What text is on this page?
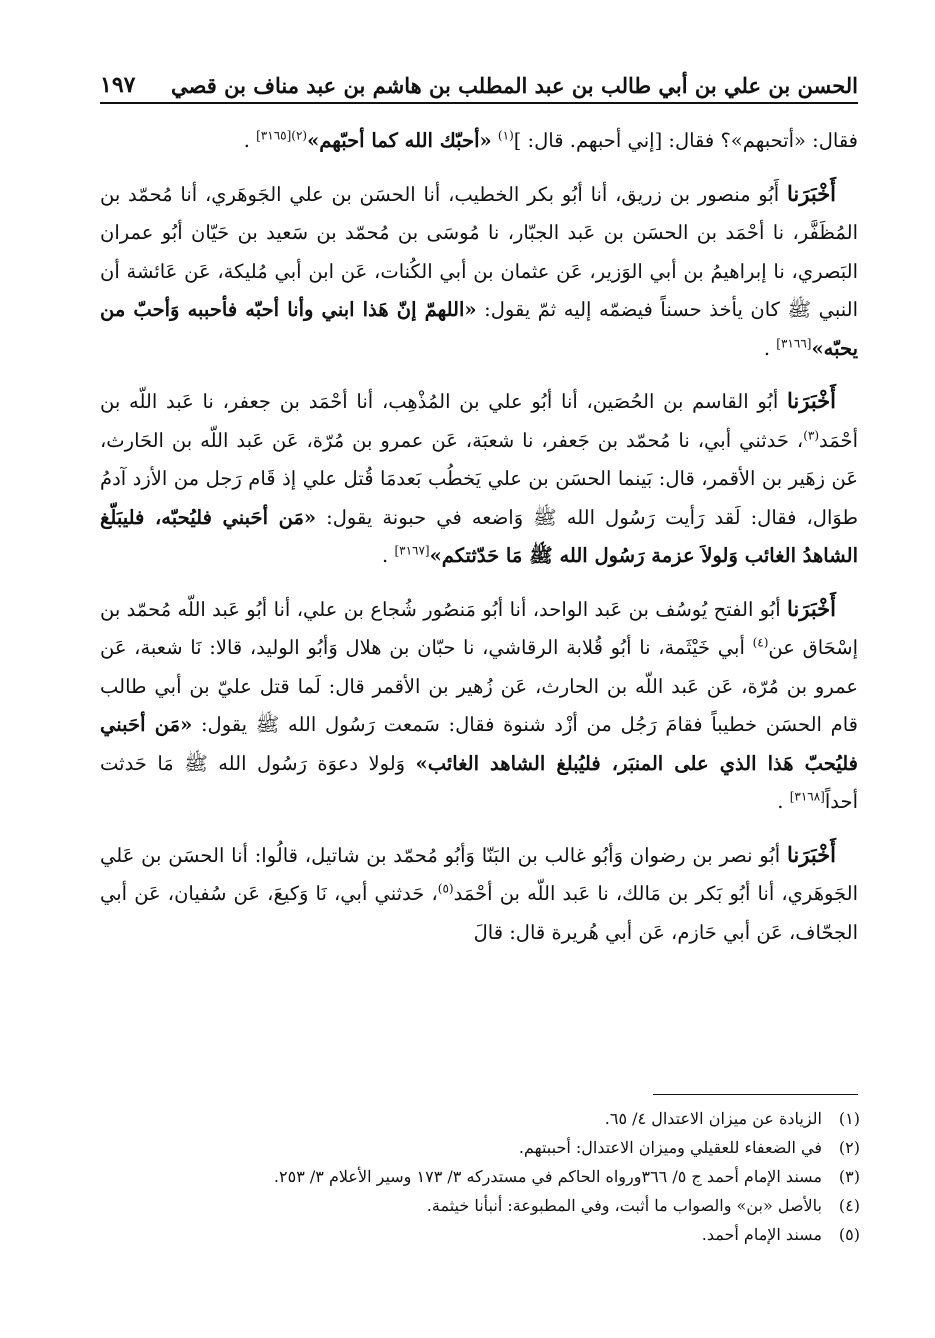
الحسن بن علي بن أبي طالب بن عبد المطلب بن هاشم بن عبد مناف بن قصي
١٩٧

فقال: «أتحبهم»؟ فقال: [إني أحبهم. قال: ]$^{(١)}$ «أحبّك الله كما أحبّهم»$^{(٢)[٣١٦٥]}$ .

أَخْبَرَنا أَبُو منصور بن زريق، أنا أبُو بكر الخطيب، أنا الحسَن بن علي الجَوهَري، أنا مُحمّد بن المُظَفَّر، نا أحْمَد بن الحسَن بن عَبد الجبّار، نا مُوسَى بن مُحمّد بن سَعيد بن حَيّان أبُو عمران البَصري، نا إبراهيمُ بن أبي الوَزير، عَن عثمان بن أبي الكُنات، عَن ابن أبي مُليكة، عَن عَائشة أن النبي ﷺ كان يأخذ حسناً فيضمّه إليه ثمّ يقول: «اللهمّ إنّ هَذا ابني وأنا أحبّه فأحببه وَأحبّ من يحبّه»[٣١٦٦] .

أَخْبَرَنا أبُو القاسم بن الحُصَين، أنا أبُو علي بن المُذْهِب، أنا أحْمَد بن جعفر، نا عَبد اللّه بن أحْمَد$^{(٣)}$، حَدثني أبي، نا مُحمّد بن جَعفر، نا شعبَة، عَن عمرو بن مُرّة، عَن عَبد اللّه بن الحَارث، عَن زهَير بن الأقمر، قال: بَينما الحسَن بن علي يَخطُب بَعدمَا قُتل علي إذ قَام رَجل من الأزد آدمُ طوَال، فقال: لَقد رَأيت رَسُول الله ﷺ وَاضعه في حبونة يقول: «مَن أحَبني فليُحبّه، فليبَلّغ الشاهدُ الغائب وَلولاَ عزمة رَسُول الله ﷺ مَا حَدّثتكم»[٣١٦٧] .

أَخْبَرَنا أبُو الفتح يُوسُف بن عَبد الواحد، أنا أبُو مَنصُور شُجاع بن علي، أنا أبُو عَبد اللّه مُحمّد بن إسْحَاق عن$^{(٤)}$ أبي خَيْثَمة، نا أبُو قُلابة الرقاشي، نا حبّان بن هلال وَأبُو الوليد، قالا: نَا شعبة، عَن عمرو بن مُرّة، عَن عَبد اللّه بن الحارث، عَن زُهير بن الأقمر قال: لَما قتل عليّ بن أبي طالب قام الحسَن خطيباً فقامَ رَجُل من أزْد شنوة فقال: سَمعت رَسُول الله ﷺ يقول: «مَن أحَبني فليُحبّ هَذا الذي على المنبَر، فليُبلغ الشاهد الغائب» وَلولا دعوَة رَسُول الله ﷺ مَا حَدثت أحداً[٣١٦٨] .

أَخْبَرَنا أبُو نصر بن رضوان وَأبُو غالب بن البَنّا وَأبُو مُحمّد بن شاتيل، قالُوا: أنا الحسَن بن عَلي الجَوهَري، أنا أبُو بَكر بن مَالك، نا عَبد اللّه بن أحْمَد$^{(٥)}$، حَدثني أبي، نَا وَكيعَ، عَن سُفيان، عَن أبي الجحّاف، عَن أبي حَازم، عَن أبي هُريرة قال: قالَ

(١)
الزيادة عن ميزان الاعتدال ٤/ ٦٥.

(٢)
في الضعفاء للعقيلي وميزان الاعتدال: أحببتهم.

(٣)
مسند الإمام أحمد ج ٥/ ٣٦٦ورواه الحاكم في مستدركه ٣/ ١٧٣ وسير الأعلام ٣/ ٢٥٣.

(٤)
بالأصل «بن» والصواب ما أثبت، وفي المطبوعة: أنبأنا خيثمة.

(٥)
مسند الإمام أحمد.
